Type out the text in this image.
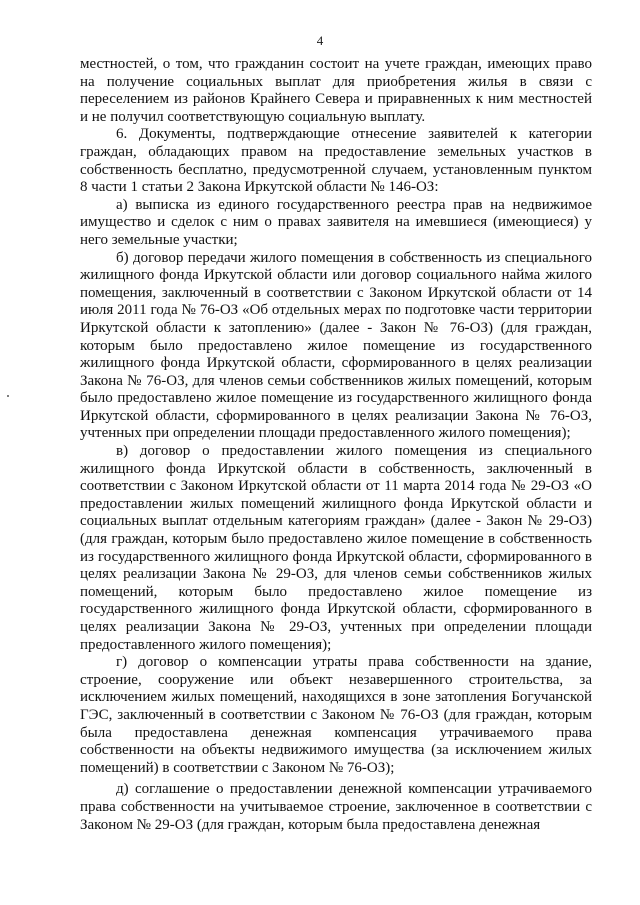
4

местностей, о том, что гражданин состоит на учете граждан, имеющих право на получение социальных выплат для приобретения жилья в связи с переселением из районов Крайнего Севера и приравненных к ним местностей и не получил соответствующую социальную выплату.

6. Документы, подтверждающие отнесение заявителей к категории граждан, обладающих правом на предоставление земельных участков в собственность бесплатно, предусмотренной случаем, установленным пунктом 8 части 1 статьи 2 Закона Иркутской области № 146-ОЗ:

а) выписка из единого государственного реестра прав на недвижимое имущество и сделок с ним о правах заявителя на имевшиеся (имеющиеся) у него земельные участки;

б) договор передачи жилого помещения в собственность из специального жилищного фонда Иркутской области или договор социального найма жилого помещения, заключенный в соответствии с Законом Иркутской области от 14 июля 2011 года № 76-ОЗ «Об отдельных мерах по подготовке части территории Иркутской области к затоплению» (далее - Закон № 76-ОЗ) (для граждан, которым было предоставлено жилое помещение из государственного жилищного фонда Иркутской области, сформированного в целях реализации Закона № 76-ОЗ, для членов семьи собственников жилых помещений, которым было предоставлено жилое помещение из государственного жилищного фонда Иркутской области, сформированного в целях реализации Закона № 76-ОЗ, учтенных при определении площади предоставленного жилого помещения);

в) договор о предоставлении жилого помещения из специального жилищного фонда Иркутской области в собственность, заключенный в соответствии с Законом Иркутской области от 11 марта 2014 года № 29-ОЗ «О предоставлении жилых помещений жилищного фонда Иркутской области и социальных выплат отдельным категориям граждан» (далее - Закон № 29-ОЗ) (для граждан, которым было предоставлено жилое помещение в собственность из государственного жилищного фонда Иркутской области, сформированного в целях реализации Закона № 29-ОЗ, для членов семьи собственников жилых помещений, которым было предоставлено жилое помещение из государственного жилищного фонда Иркутской области, сформированного в целях реализации Закона № 29-ОЗ, учтенных при определении площади предоставленного жилого помещения);

г) договор о компенсации утраты права собственности на здание, строение, сооружение или объект незавершенного строительства, за исключением жилых помещений, находящихся в зоне затопления Богучанской ГЭС, заключенный в соответствии с Законом № 76-ОЗ (для граждан, которым была предоставлена денежная компенсация утрачиваемого права собственности на объекты недвижимого имущества (за исключением жилых помещений) в соответствии с Законом № 76-ОЗ);

д) соглашение о предоставлении денежной компенсации утрачиваемого права собственности на учитываемое строение, заключенное в соответствии с Законом № 29-ОЗ (для граждан, которым была предоставлена денежная
